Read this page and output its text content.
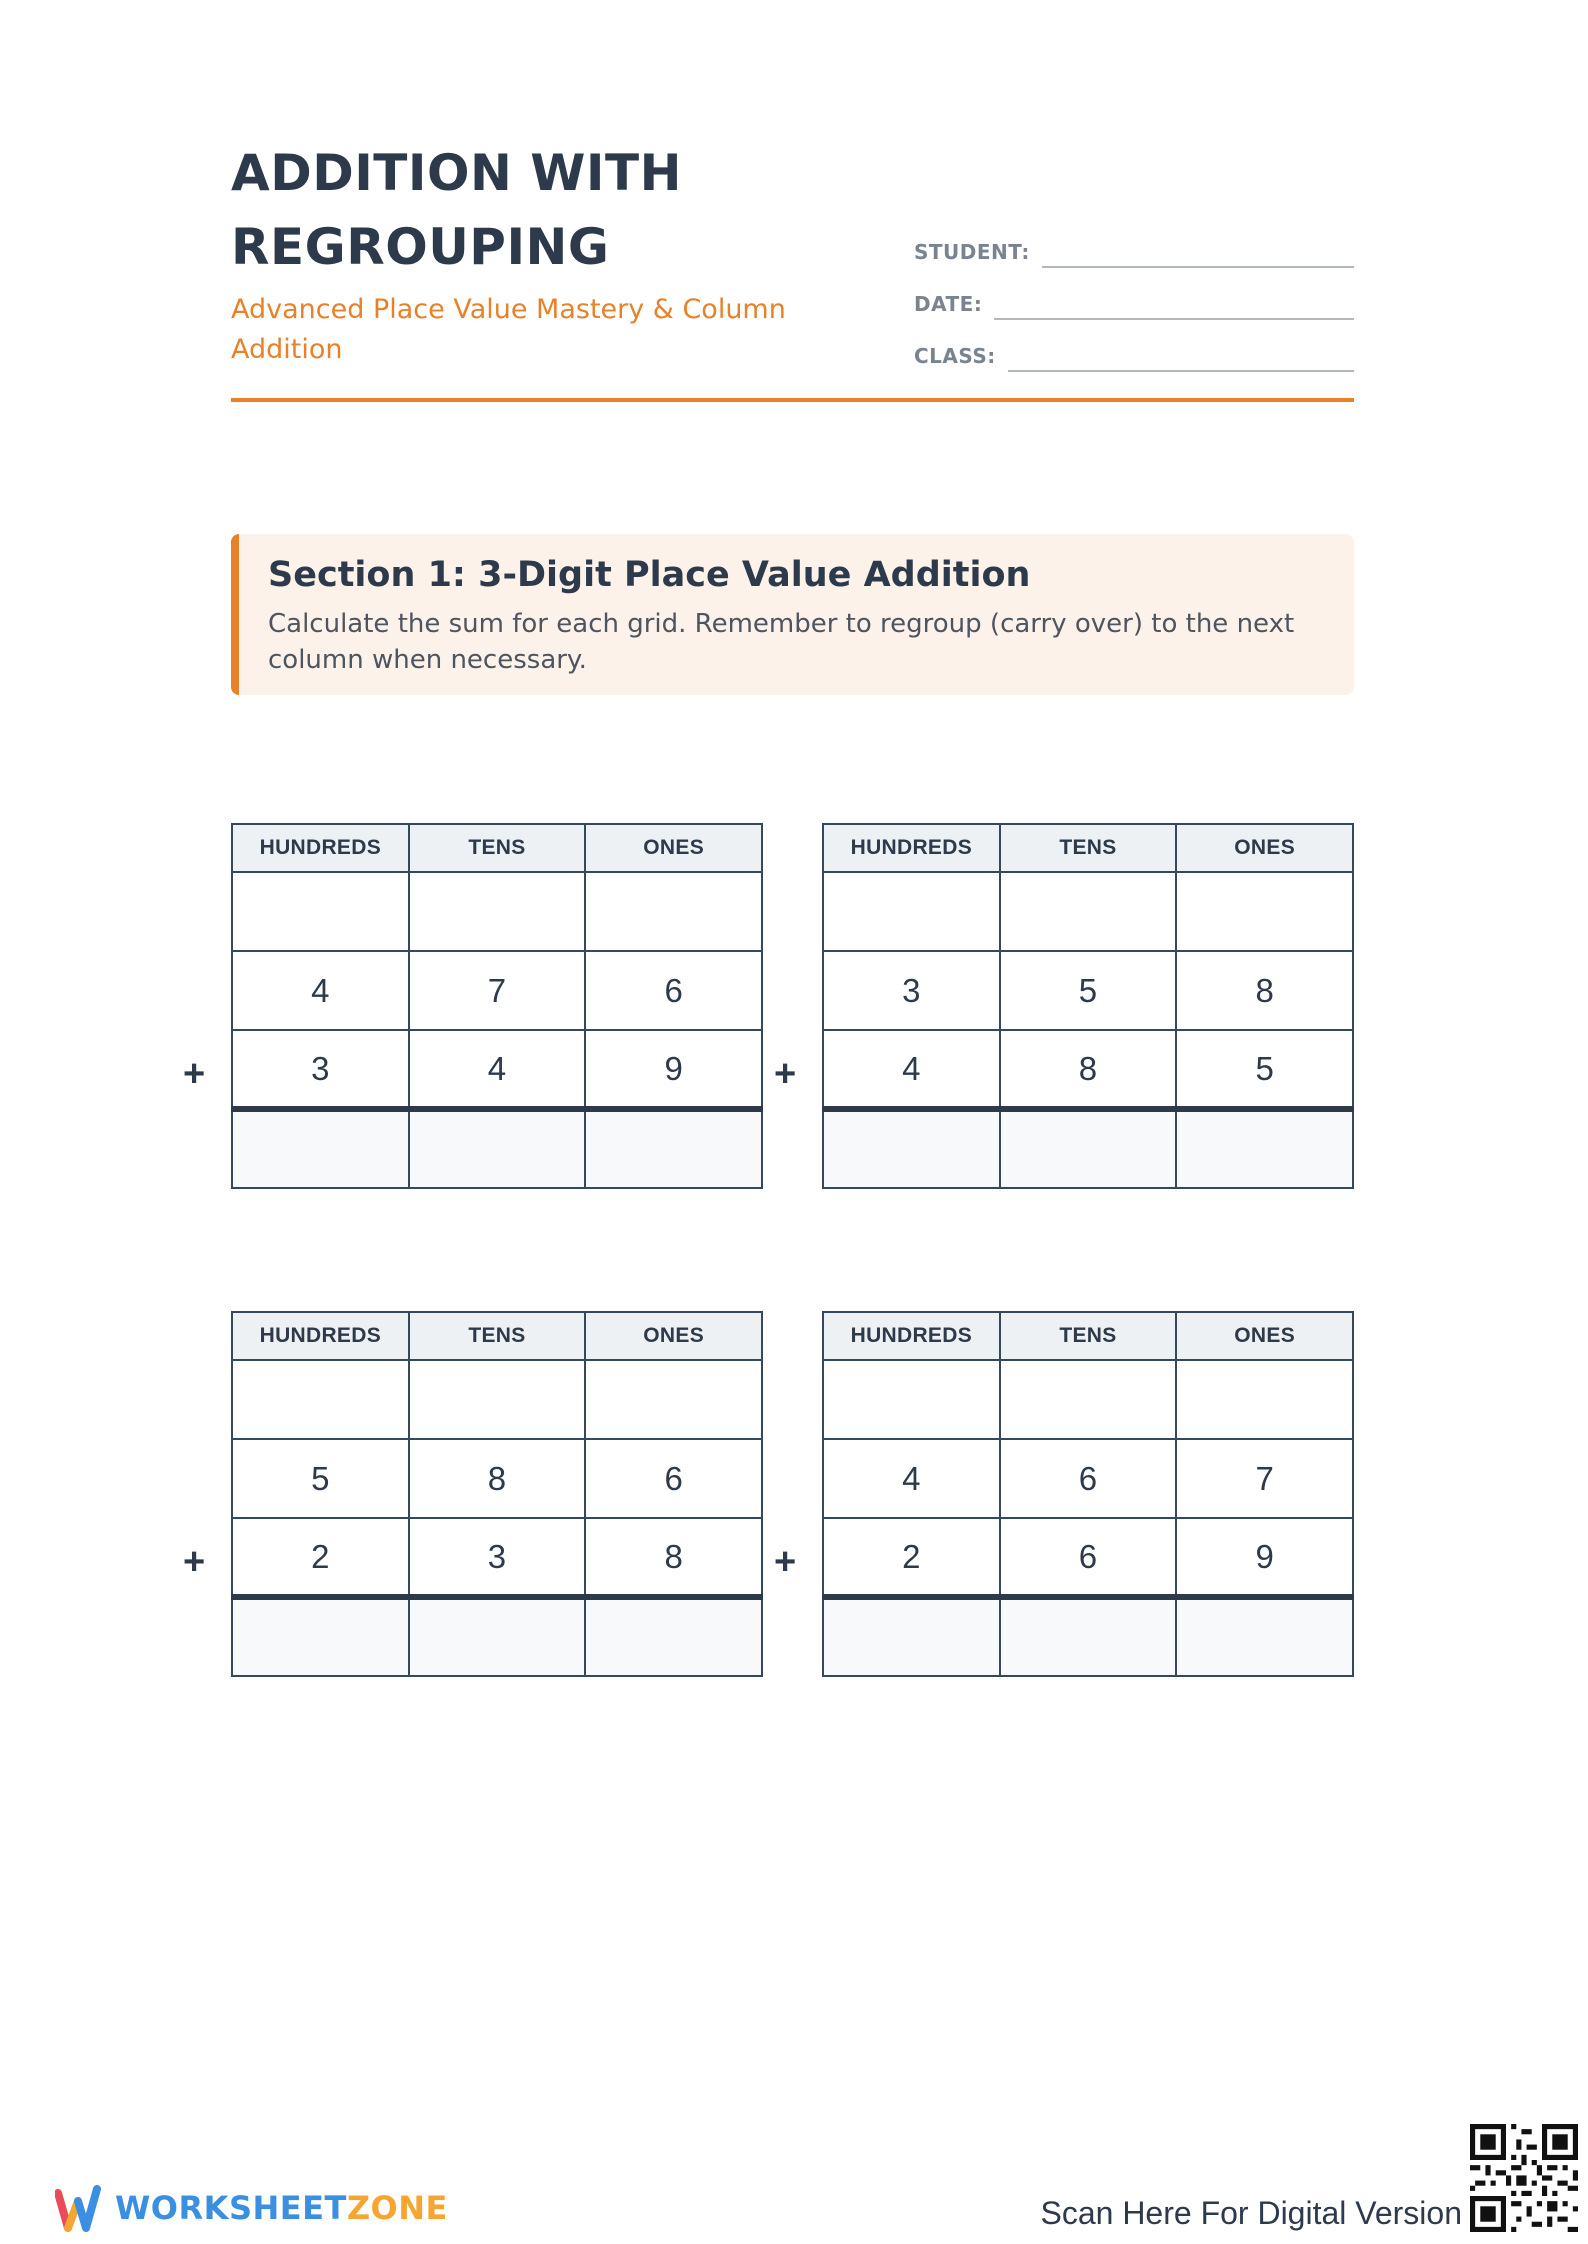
ADDITION WITH REGROUPING

Advanced Place Value Mastery & Column Addition

STUDENT:
DATE:
CLASS:
Section 1: 3-Digit Place Value Addition

Calculate the sum for each grid. Remember to regroup (carry over) to the next column when necessary.

+
HUNDREDS	TENS	ONES

4	7	6
3	4	9
		+
HUNDREDS	TENS	ONES

3	5	8
4	8	5

+
HUNDREDS	TENS	ONES

5	8	6
2	3	8
		+
HUNDREDS	TENS	ONES

4	6	7
2	6	9

WORKSHEETZONE	Scan Here For Digital Version
